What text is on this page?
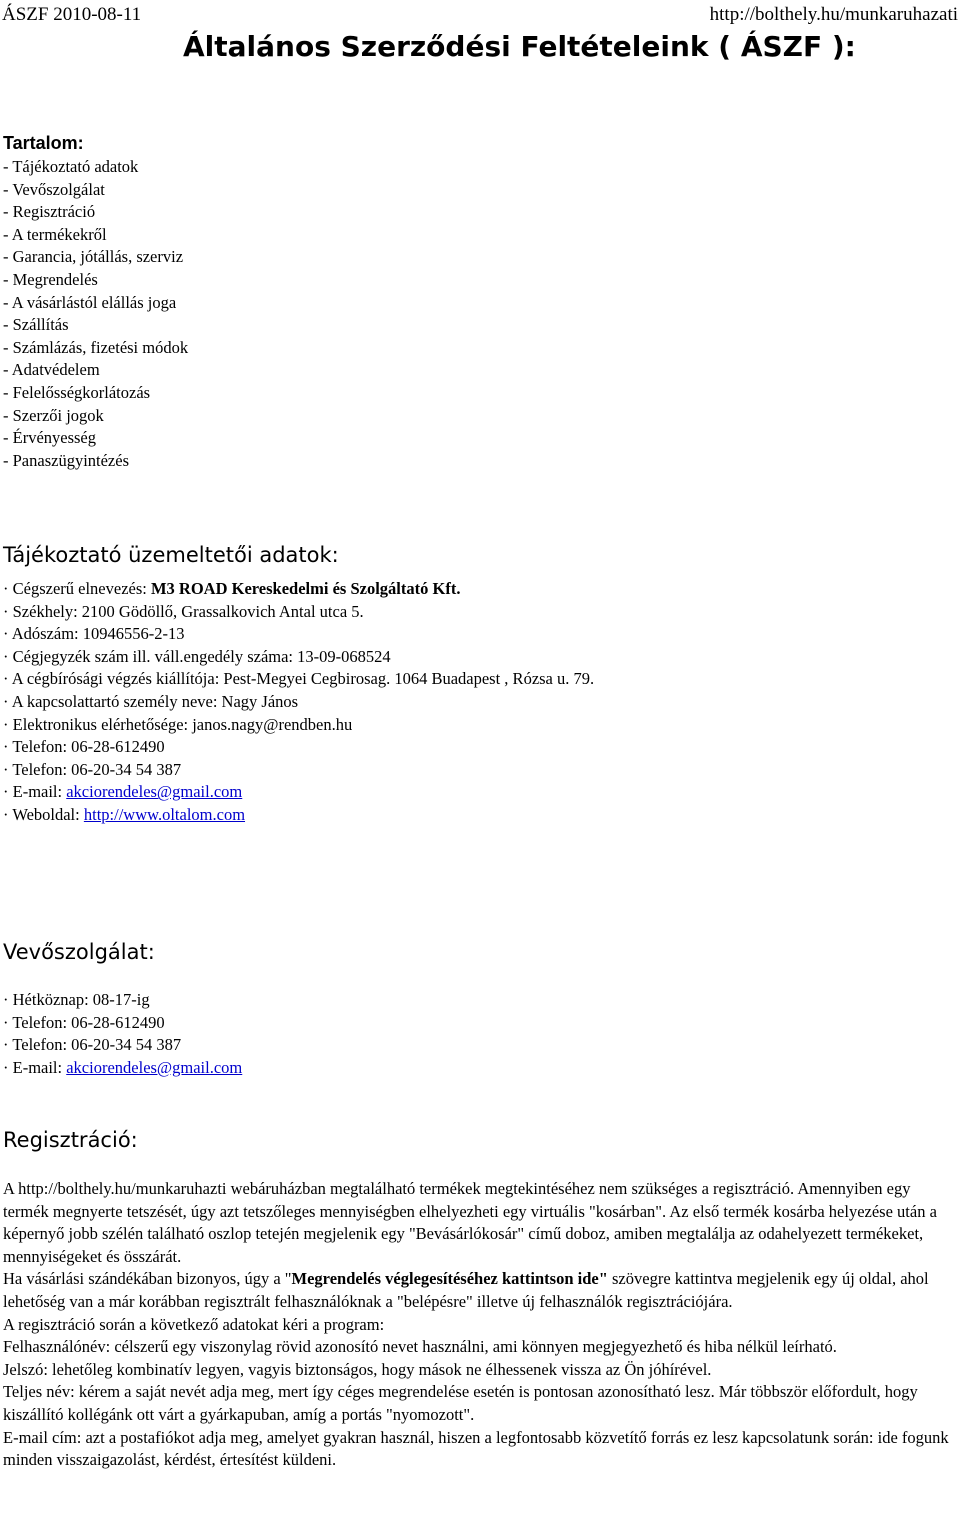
ÁSZF 2010-08-11	http://bolthely.hu/munkaruhazati
Általános Szerződési Feltételeink ( ÁSZF ):
Tartalom:
- Tájékoztató adatok
- Vevőszolgálat
- Regisztráció
- A termékekről
- Garancia, jótállás, szerviz
- Megrendelés
- A vásárlástól elállás joga
- Szállítás
- Számlázás, fizetési módok
- Adatvédelem
- Felelősségkorlátozás
- Szerzői jogok
- Érvényesség
- Panaszügyintézés
Tájékoztató üzemeltetői adatok:
· Cégszerű elnevezés: M3 ROAD Kereskedelmi és Szolgáltató Kft.
· Székhely: 2100 Gödöllő, Grassalkovich Antal utca 5.
· Adószám: 10946556-2-13
· Cégjegyzék szám ill. váll.engedély száma: 13-09-068524
· A cégbírósági végzés kiállítója: Pest-Megyei Cegbirosag. 1064 Buadapest , Rózsa u. 79.
· A kapcsolattartó személy neve: Nagy János
· Elektronikus elérhetősége: janos.nagy@rendben.hu
· Telefon: 06-28-612490
· Telefon: 06-20-34 54 387
· E-mail: akciorendeles@gmail.com
· Weboldal: http://www.oltalom.com
Vevőszolgálat:
· Hétköznap: 08-17-ig
· Telefon: 06-28-612490
· Telefon: 06-20-34 54 387
· E-mail: akciorendeles@gmail.com
Regisztráció:

A http://bolthely.hu/munkaruhazti webáruházban megtalálható termékek megtekintéséhez nem szükséges a regisztráció. Amennyiben egy termék megnyerte tetszését, úgy azt tetszőleges mennyiségben elhelyezheti egy virtuális "kosárban". Az első termék kosárba helyezése után a képernyő jobb szélén található oszlop tetején megjelenik egy "Bevásárlókosár" című doboz, amiben megtalálja az odahelyezett termékeket, mennyiségeket és összárát.

Ha vásárlási szándékában bizonyos, úgy a "Megrendelés véglegesítéséhez kattintson ide" szövegre kattintva megjelenik egy új oldal, ahol lehetőség van a már korábban regisztrált felhasználóknak a "belépésre" illetve új felhasználók regisztrációjára.

A regisztráció során a következő adatokat kéri a program:

Felhasználónév: célszerű egy viszonylag rövid azonosító nevet használni, ami könnyen megjegyezhető és hiba nélkül leírható.

Jelszó: lehetőleg kombinatív legyen, vagyis biztonságos, hogy mások ne élhessenek vissza az Ön jóhírével.

Teljes név: kérem a saját nevét adja meg, mert így céges megrendelése esetén is pontosan azonosítható lesz. Már többször előfordult, hogy kiszállító kollégánk ott várt a gyárkapuban, amíg a portás "nyomozott".

E-mail cím: azt a postafiókot adja meg, amelyet gyakran használ, hiszen a legfontosabb közvetítő forrás ez lesz kapcsolatunk során: ide fogunk minden visszaigazolást, kérdést, értesítést küldeni.
